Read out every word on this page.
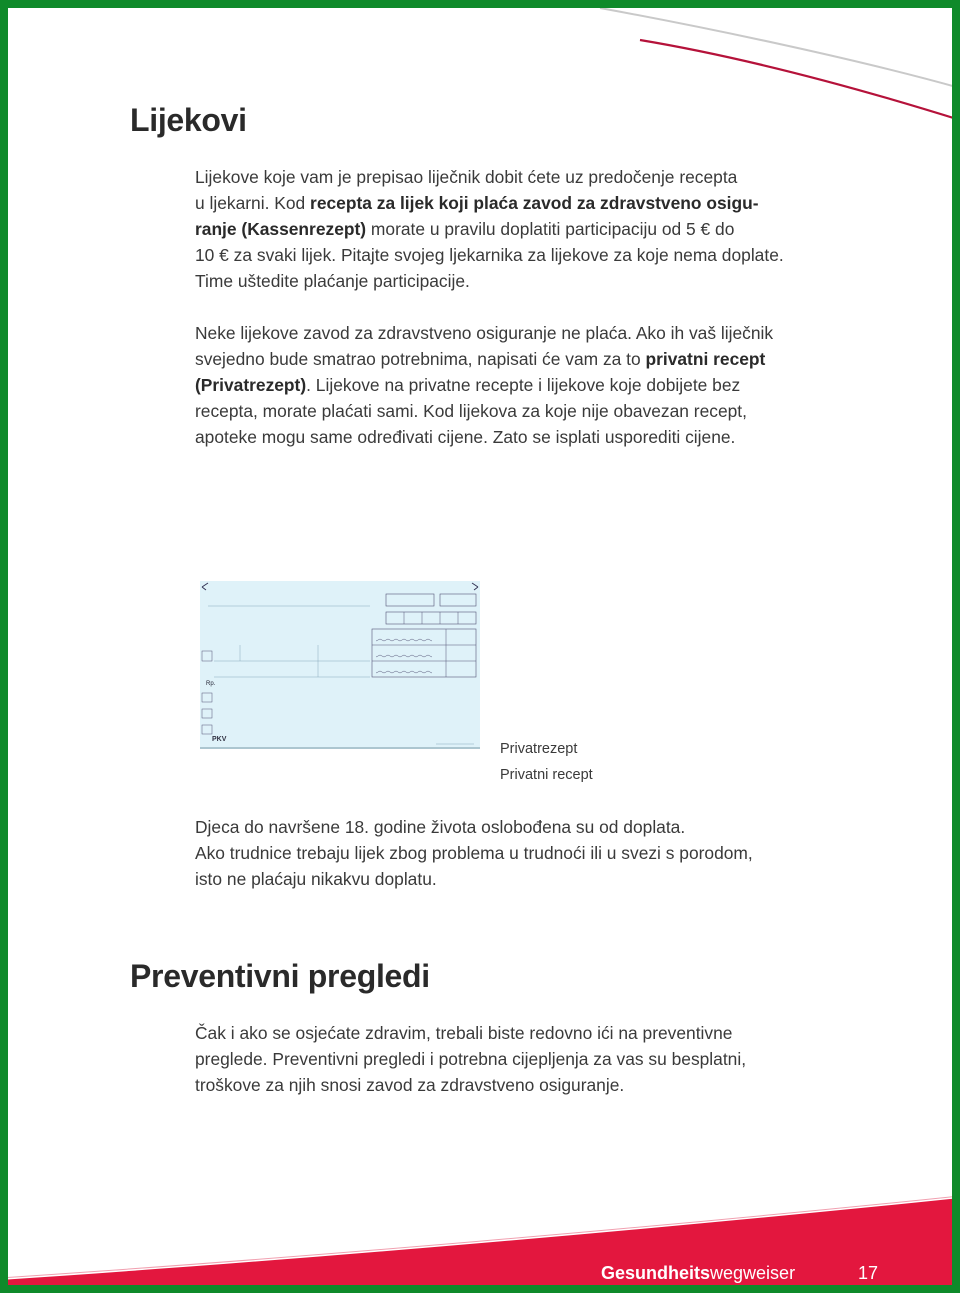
Lijekovi
Lijekove koje vam je prepisao liječnik dobit ćete uz predočenje recepta
u ljekarni. Kod recepta za lijek koji plaća zavod za zdravstveno osigu-
ranje (Kassenrezept) morate u pravilu doplatiti participaciju od 5 € do
10 € za svaki lijek. Pitajte svojeg ljekarnika za lijekove za koje nema doplate.
Time uštedite plaćanje participacije.
Neke lijekove zavod za zdravstveno osiguranje ne plaća. Ako ih vaš liječnik
svejedno bude smatrao potrebnima, napisati će vam za to privatni recept
(Privatrezept). Lijekove na privatne recepte i lijekove koje dobijete bez
recepta, morate plaćati sami. Kod lijekova za koje nije obavezan recept,
apoteke mogu same određivati cijene. Zato se isplati usporediti cijene.
Rp.
PKV
Privatrezept
Privatni recept
Djeca do navršene 18. godine života oslobođena su od doplata.
Ako trudnice trebaju lijek zbog problema u trudnoći ili u svezi s porodom,
isto ne plaćaju nikakvu doplatu.
Preventivni pregledi
Čak i ako se osjećate zdravim, trebali biste redovno ići na preventivne
preglede. Preventivni pregledi i potrebna cijepljenja za vas su besplatni,
troškove za njih snosi zavod za zdravstveno osiguranje.
Gesundheitswegweiser	17
